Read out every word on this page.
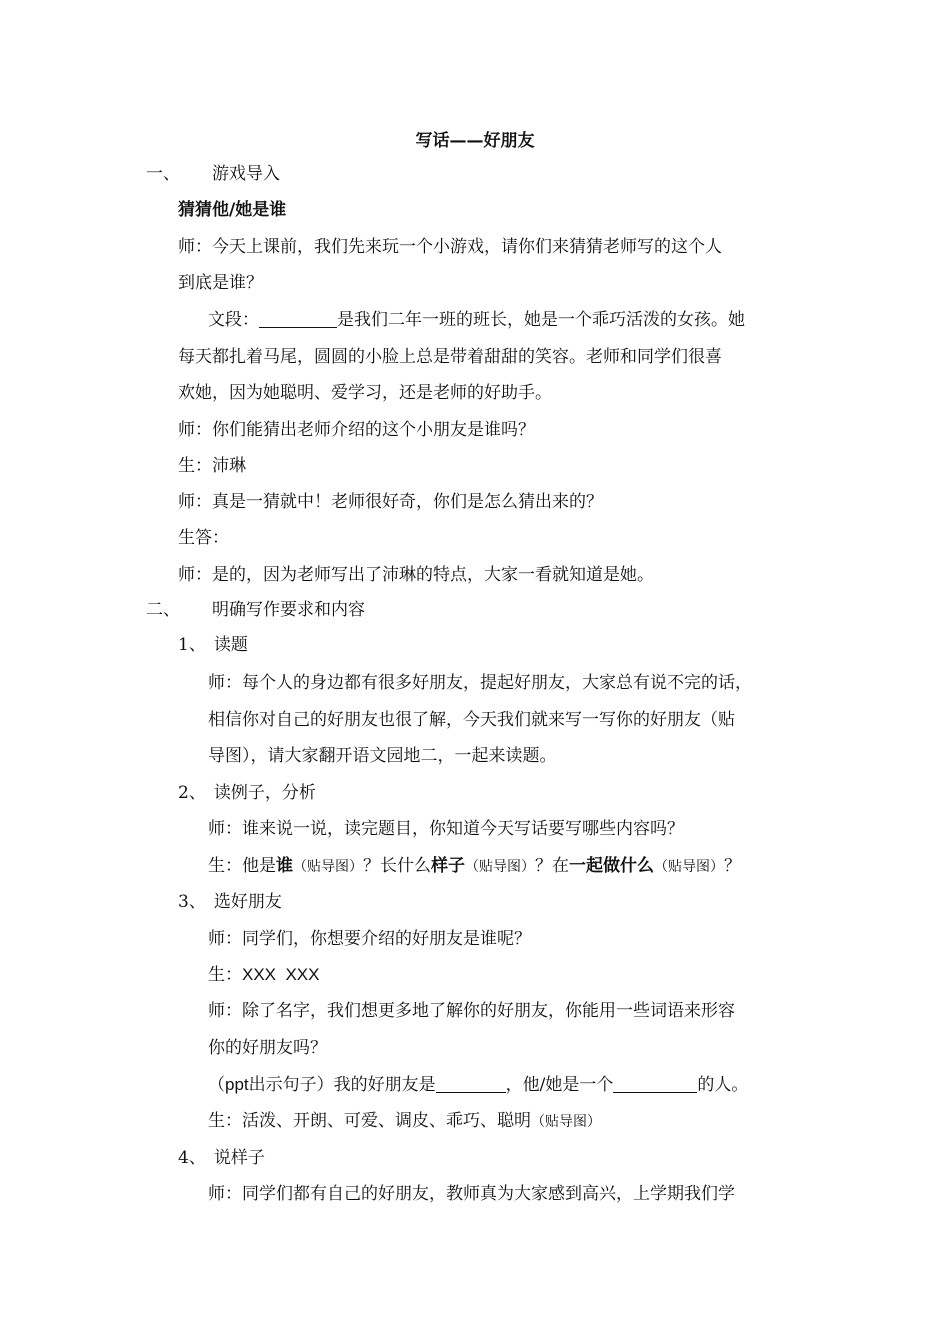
写话——好朋友
一、 游戏导入
猜猜他/她是谁
师：今天上课前，我们先来玩一个小游戏，请你们来猜猜老师写的这个人
到底是谁？
文段：	是我们二年一班的班长，她是一个乖巧活泼的女孩。她
每天都扎着马尾，圆圆的小脸上总是带着甜甜的笑容。老师和同学们很喜
欢她，因为她聪明、爱学习，还是老师的好助手。
师：你们能猜出老师介绍的这个小朋友是谁吗？
生：沛琳
师：真是一猜就中！老师很好奇，你们是怎么猜出来的？
生答：
师：是的，因为老师写出了沛琳的特点，大家一看就知道是她。
二、 明确写作要求和内容
1、 读题
师：每个人的身边都有很多好朋友，提起好朋友，大家总有说不完的话，
相信你对自己的好朋友也很了解，今天我们就来写一写你的好朋友（贴
导图），请大家翻开语文园地二，一起来读题。
2、 读例子，分析
师：谁来说一说，读完题目，你知道今天写话要写哪些内容吗？
生：他是谁（贴导图）？长什么样子（贴导图）？在一起做什么（贴导图）？
3、 选好朋友
师：同学们，你想要介绍的好朋友是谁呢？
生：XXX  XXX
师：除了名字，我们想更多地了解你的好朋友，你能用一些词语来形容
你的好朋友吗？
（ppt出示句子）我的好朋友是	，他/她是一个	的人。
生：活泼、开朗、可爱、调皮、乖巧、聪明（贴导图）
4、 说样子
师：同学们都有自己的好朋友，教师真为大家感到高兴，上学期我们学
